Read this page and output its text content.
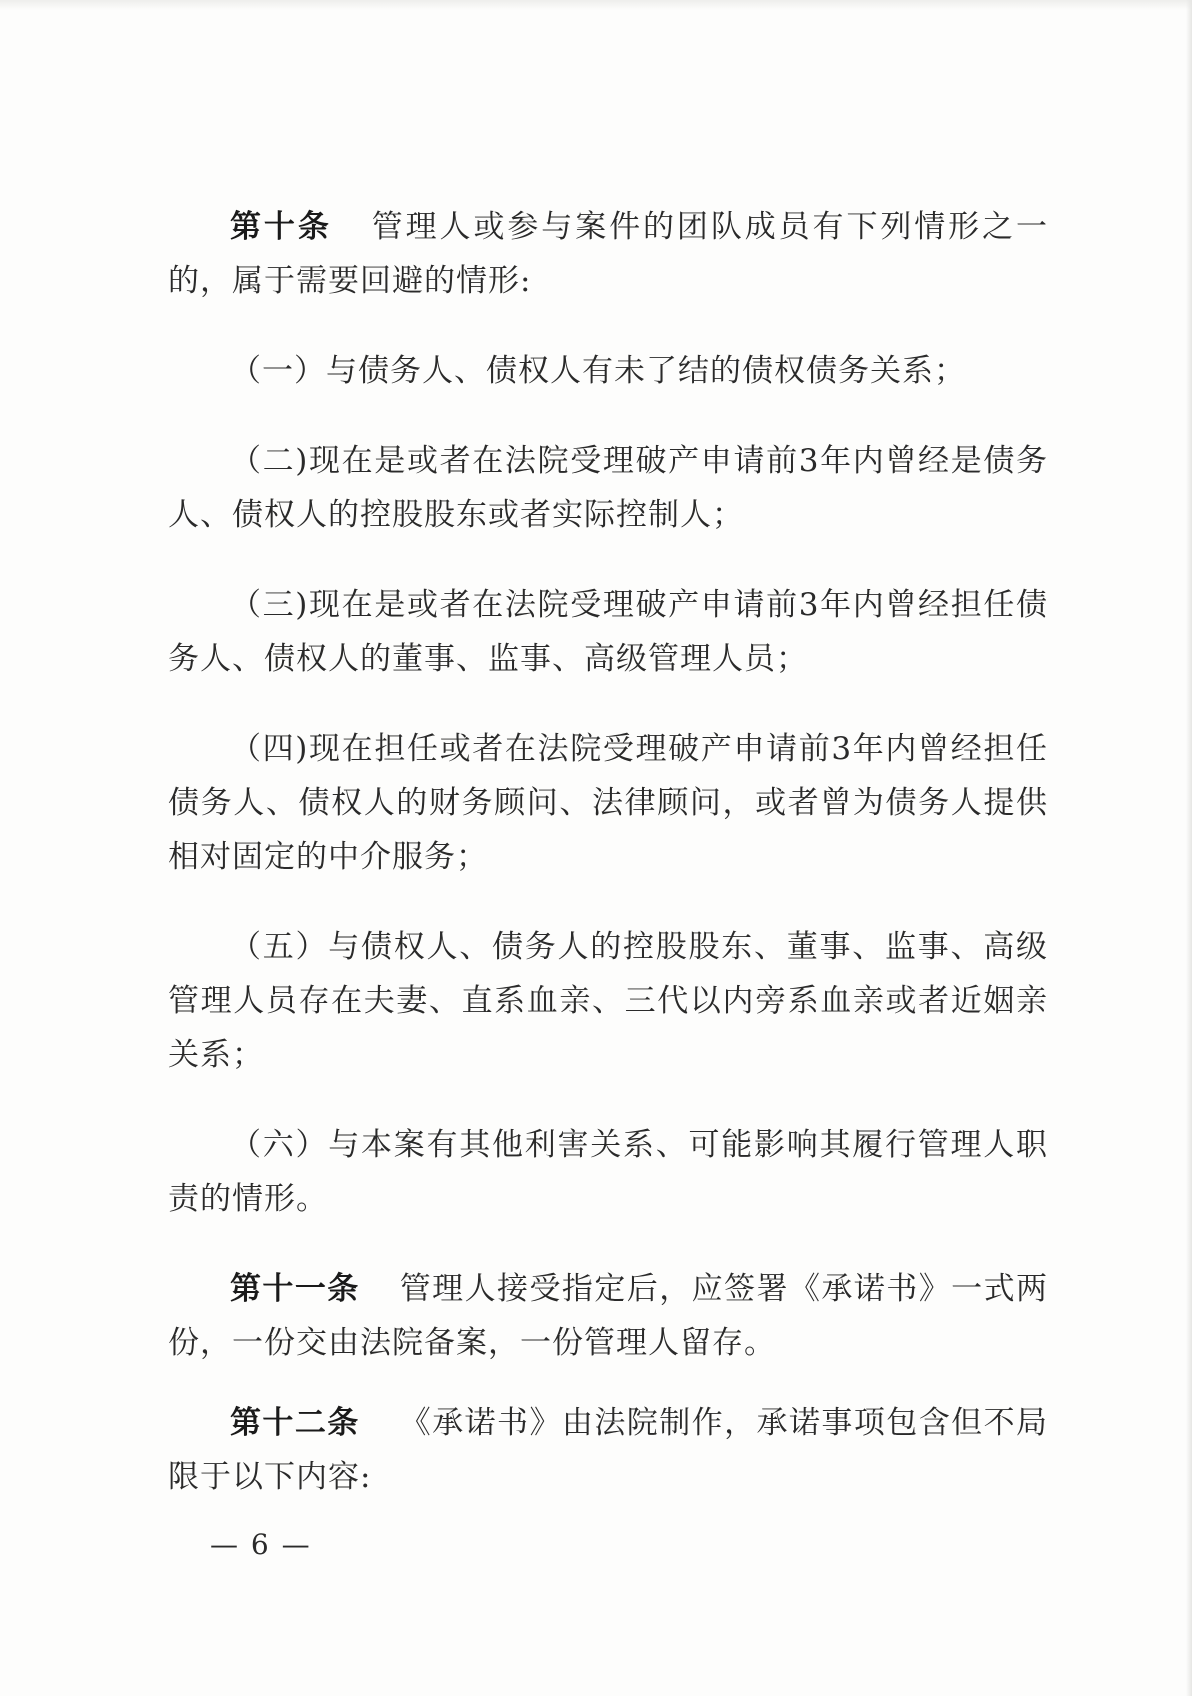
第十条 管理人或参与案件的团队成员有下列情形之一的，属于需要回避的情形:

（一）与债务人、债权人有未了结的债权债务关系；

（二)现在是或者在法院受理破产申请前3年内曾经是债务人、债权人的控股股东或者实际控制人；

（三)现在是或者在法院受理破产申请前3年内曾经担任债务人、债权人的董事、监事、高级管理人员；

（四)现在担任或者在法院受理破产申请前3年内曾经担任债务人、债权人的财务顾问、法律顾问，或者曾为债务人提供相对固定的中介服务；

（五）与债权人、债务人的控股股东、董事、监事、高级管理人员存在夫妻、直系血亲、三代以内旁系血亲或者近姻亲关系；

（六）与本案有其他利害关系、可能影响其履行管理人职责的情形。

第十一条 管理人接受指定后，应签署《承诺书》一式两份，一份交由法院备案，一份管理人留存。

第十二条 《承诺书》由法院制作，承诺事项包含但不局限于以下内容:

— 6 —
